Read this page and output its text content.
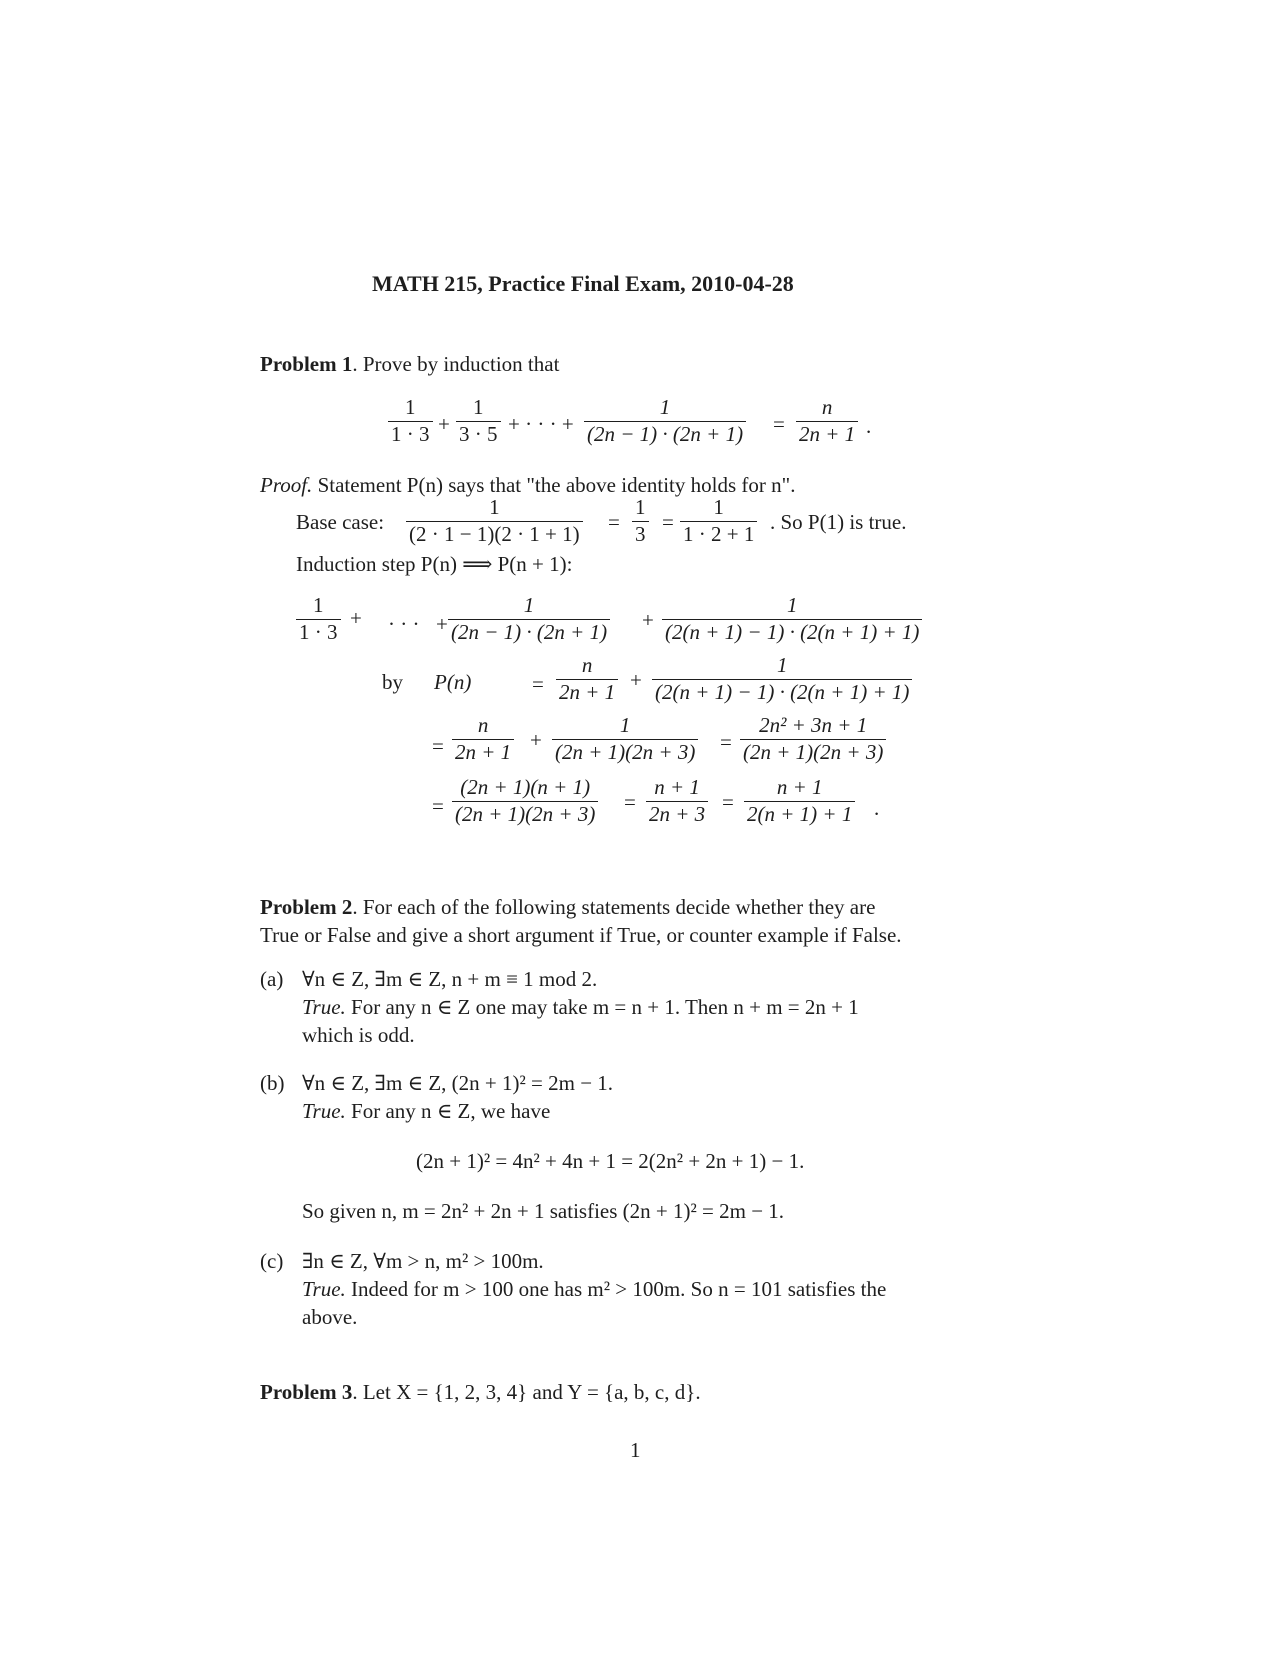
MATH 215, Practice Final Exam, 2010-04-28
Problem 1. Prove by induction that
1
1 · 3 +
1
3 · 5 + · · · +
1
(2n − 1) · (2n + 1) =
n
2n + 1 .
Proof. Statement P(n) says that "the above identity holds for n".
Base case:
1
(2 · 1 − 1)(2 · 1 + 1)
=
1
3
=
1
1 · 2 + 1
. So P(1) is true.
Induction step P(n) ⟹ P(n + 1):
1
1 · 3
+ · · · +
1
(2n − 1) · (2n + 1)
+
1
(2(n + 1) − 1) · (2(n + 1) + 1)
by P(n)	=
n
2n + 1
+
1
(2(n + 1) − 1) · (2(n + 1) + 1)
=
n
2n + 1
+
1
(2n + 1)(2n + 3) =
2n² + 3n + 1
(2n + 1)(2n + 3)
=
(2n + 1)(n + 1)
(2n + 1)(2n + 3)
=
n + 1
2n + 3
=
n + 1
2(n + 1) + 1 .
Problem 2. For each of the following statements decide whether they are
True or False and give a short argument if True, or counter example if False.
(a) ∀n ∈ Z, ∃m ∈ Z, n + m ≡ 1 mod 2.
True. For any n ∈ Z one may take m = n + 1. Then n + m = 2n + 1
which is odd.
(b) ∀n ∈ Z, ∃m ∈ Z, (2n + 1)² = 2m − 1.
True. For any n ∈ Z, we have
(2n + 1)² = 4n² + 4n + 1 = 2(2n² + 2n + 1) − 1.
So given n, m = 2n² + 2n + 1 satisfies (2n + 1)² = 2m − 1.
(c) ∃n ∈ Z, ∀m > n, m² > 100m.
True. Indeed for m > 100 one has m² > 100m. So n = 101 satisfies the
above.
Problem 3. Let X = {1, 2, 3, 4} and Y = {a, b, c, d}.
1
